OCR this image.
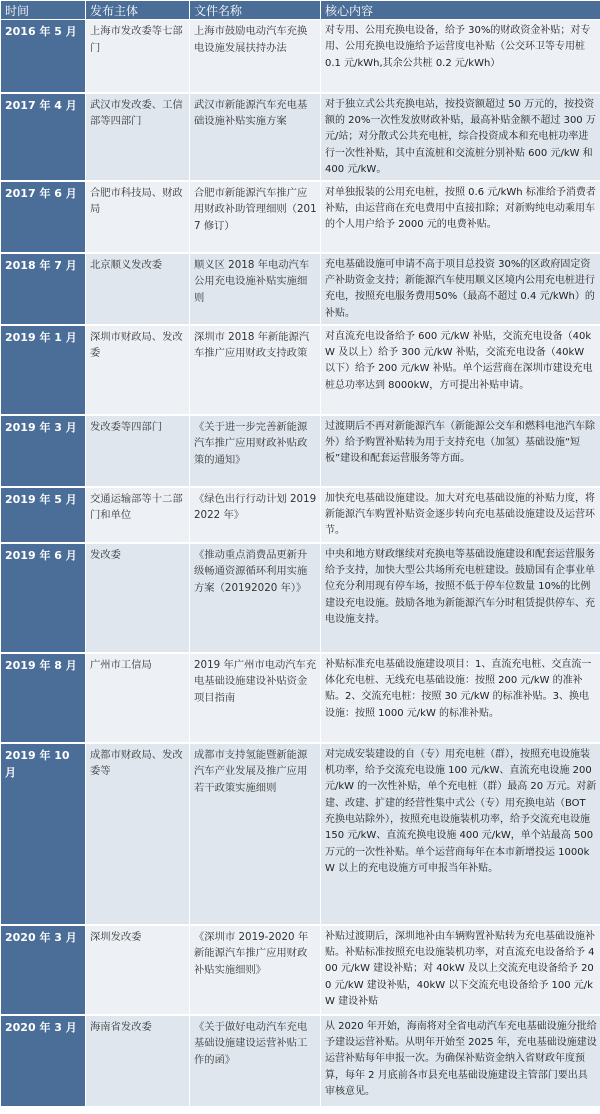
时间	发布主体	文件名称	核心内容
2016 年 5 月	上海市发改委等七部门	上海市鼓励电动汽车充换电设施发展扶持办法	对专用、公用充换电设备，给予 30%的财政资金补贴；对专用、公用充换电设施给予运营度电补贴（公交环卫等专用桩 0.1 元/kWh,其余公共桩 0.2 元/kWh）
2017 年 4 月	武汉市发改委、工信部等四部门	武汉市新能源汽车充电基础设施补贴实施方案	对于独立式公共充换电站，按投资额超过 50 万元的，按投资额的 20%一次性发放财政补贴，最高补贴金额不超过 300 万元/站；对分散式公共充电桩，综合投资成本和充电桩功率进行一次性补贴，其中直流桩和交流桩分别补贴 600 元/kW 和 400 元/kW。
2017 年 6 月	合肥市科技局、财政局	合肥市新能源汽车推广应用财政补助管理细则（2017 修订）	对单独报装的公用充电桩，按照 0.6 元/kWh 标准给予消费者补贴，由运营商在充电费用中直接扣除；对新购纯电动乘用车的个人用户给予 2000 元的电费补贴。
2018 年 7 月	北京顺义发改委	顺义区 2018 年电动汽车公用充电设施补贴实施细则	充电基础设施可申请不高于项目总投资 30%的区政府固定资产补助资金支持；新能源汽车使用顺义区境内公用充电桩进行充电，按照充电服务费用50%（最高不超过 0.4 元/kWh）的补贴。
2019 年 1 月	深圳市财政局、发改委	深圳市 2018 年新能源汽车推广应用财政支持政策	对直流充电设备给予 600 元/kW 补贴，交流充电设备（40kW 及以上）给予 300 元/kW 补贴，交流充电设备（40kW 以下）给予 200 元/kW 补贴。单个运营商在深圳市建设充电桩总功率达到 8000kW，方可提出补贴申请。
2019 年 3 月	发改委等四部门	《关于进一步完善新能源汽车推广应用财政补贴政策的通知》	过渡期后不再对新能源汽车（新能源公交车和燃料电池汽车除外）给予购置补贴转为用于支持充电（加氢）基础设施“短板”建设和配套运营服务等方面。
2019 年 5 月	交通运输部等十二部门和单位	《绿色出行行动计划 20192022 年》	加快充电基础设施建设。加大对充电基础设施的补贴力度，将新能源汽车购置补贴资金逐步转向充电基础设施建设及运营环节。
2019 年 6 月	发改委	《推动重点消费品更新升级畅通资源循环利用实施方案（20192020 年）》	中央和地方财政继续对充换电等基础设施建设和配套运营服务给予支持，加快大型公共场所充电桩建设。鼓励国有企事业单位充分利用现有停车场，按照不低于停车位数量 10%的比例建设充电设施。鼓励各地为新能源汽车分时租赁提供停车、充电设施支持。
2019 年 8 月	广州市工信局	2019 年广州市电动汽车充电基础设施建设补贴资金项目指南	补贴标准充电基础设施建设项目：1、直流充电桩、交直流一体化充电桩、无线充电基础设施：按照 200 元/kW 的准补贴。2、交流充电桩：按照 30 元/kW 的标准补贴。3、换电设施：按照 1000 元/kW 的标准补贴。
2019 年 10 月	成都市财政局、发改委等	成都市支持氢能暨新能源汽车产业发展及推广应用若干政策实施细则	对完成安装建设的自（专）用充电桩（群），按照充电设施装机功率，给予交流充电设施 100 元/kW、直流充电设施 200 元/kW 的一次性补贴，单个充电桩（群）最高 20 万元。对新建、改建、扩建的经营性集中式公（专）用充换电站（BOT 充换电站除外），按照充电设施装机功率，给予交流充电设施 150 元/kW、直流充换电设施 400 元/kW，单个站最高 500 万元的一次性补贴。单个运营商每年在本市新增投运 1000kW 以上的充电设施方可申报当年补贴。
2020 年 3 月	深圳发改委	《深圳市 2019-2020 年新能源汽车推广应用财政补贴实施细则》	补贴过渡期后，深圳地补由车辆购置补贴转为充电基础设施补贴。补贴标准按照充电设施装机功率，对直流充电设备给予 400 元/kW 建设补贴；对 40kW 及以上交流充电设备给予 200 元/kW 建设补贴，40kW 以下交流充电设备给予 100 元/kW 建设补贴
2020 年 3 月	海南省发改委	《关于做好电动汽车充电基础设施建设运营补贴工作的函》	从 2020 年开始，海南将对全省电动汽车充电基础设施分批给予建设运营补贴。从明年开始至 2025 年，充电基础设施建设运营补贴每年申报一次。为确保补贴资金纳入省财政年度预算，每年 2 月底前各市县充电基础设施建设主管部门要出具审核意见。
